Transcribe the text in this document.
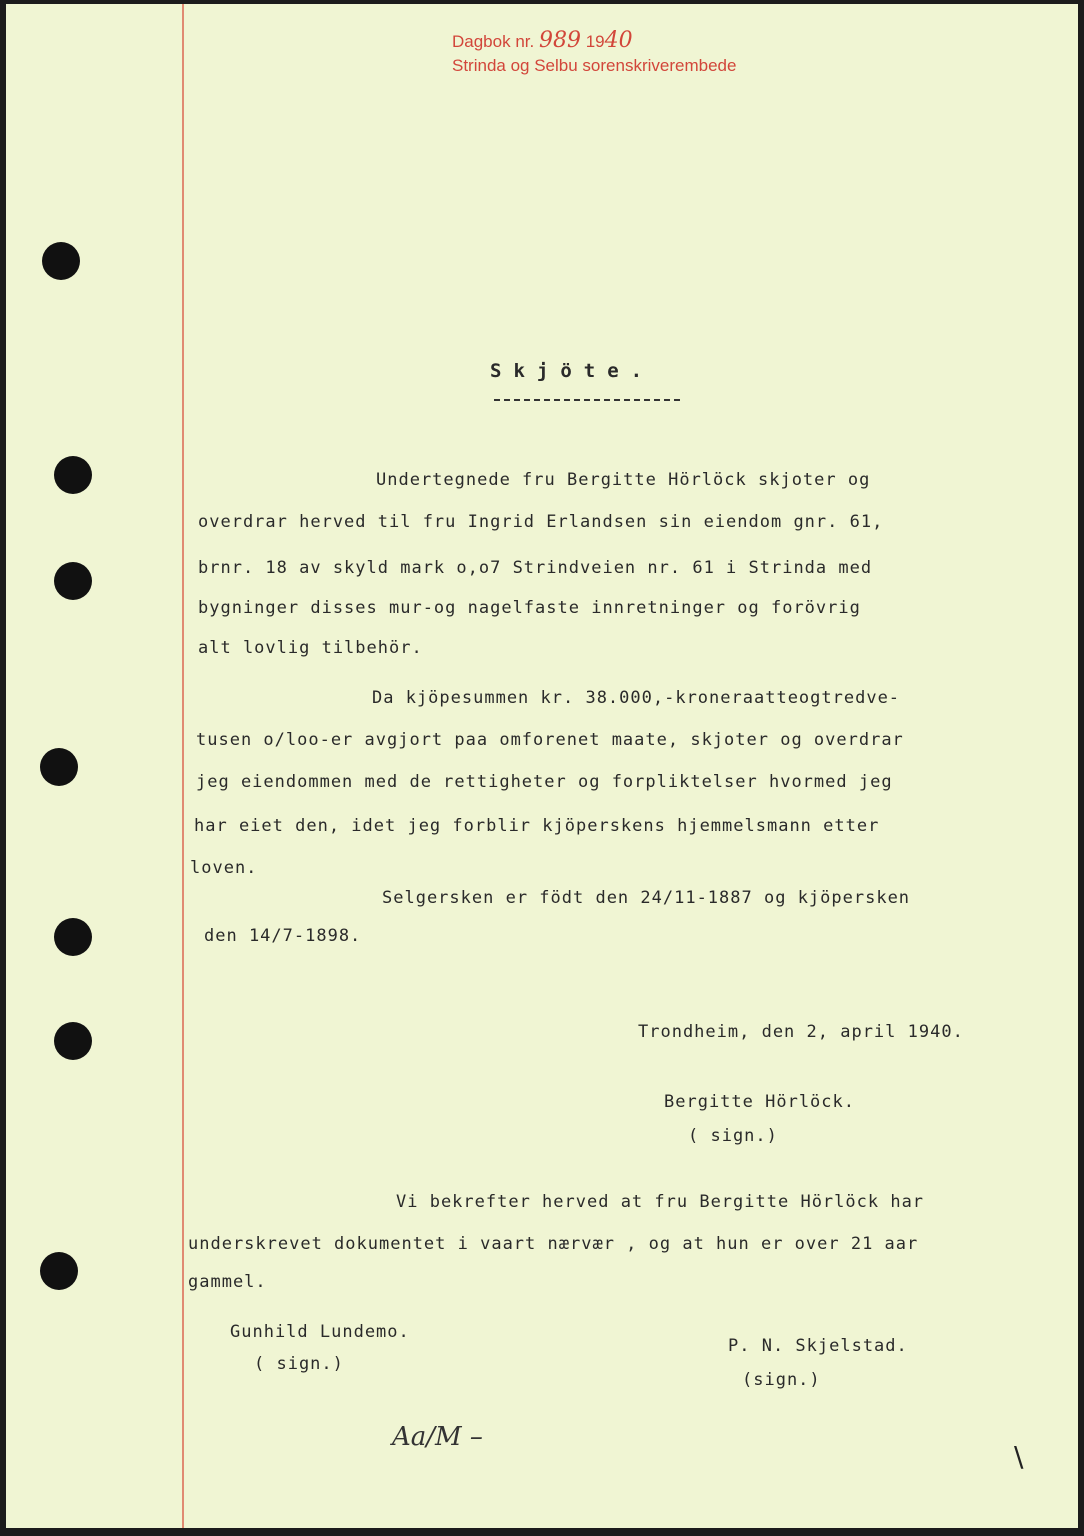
Dagbok nr. 989 1940
Strinda og Selbu sorenskriverembede
Skjöte.
Undertegnede fru Bergitte Hörlöck skjoter og
overdrar herved til fru Ingrid Erlandsen sin eiendom gnr. 61,
brnr. 18 av skyld mark o,o7 Strindveien nr. 61 i Strinda med
bygninger disses mur-og nagelfaste innretninger og forövrig
alt lovlig tilbehör.
Da kjöpesummen kr. 38.000,-kroneraatteogtredve-
tusen o/loo-er avgjort paa omforenet maate, skjoter og overdrar
jeg eiendommen med de rettigheter og forpliktelser hvormed jeg
har eiet den, idet jeg forblir kjöperskens hjemmelsmann etter
loven.
Selgersken er födt den 24/11-1887 og kjöpersken
den 14/7-1898.
Trondheim, den 2, april 1940.
Bergitte Hörlöck.
( sign.)
Vi bekrefter herved at fru Bergitte Hörlöck har
underskrevet dokumentet i vaart nærvær , og at hun er over 21 aar
gammel.
Gunhild Lundemo.
( sign.)
P. N. Skjelstad.
(sign.)
Aa/M –
\
